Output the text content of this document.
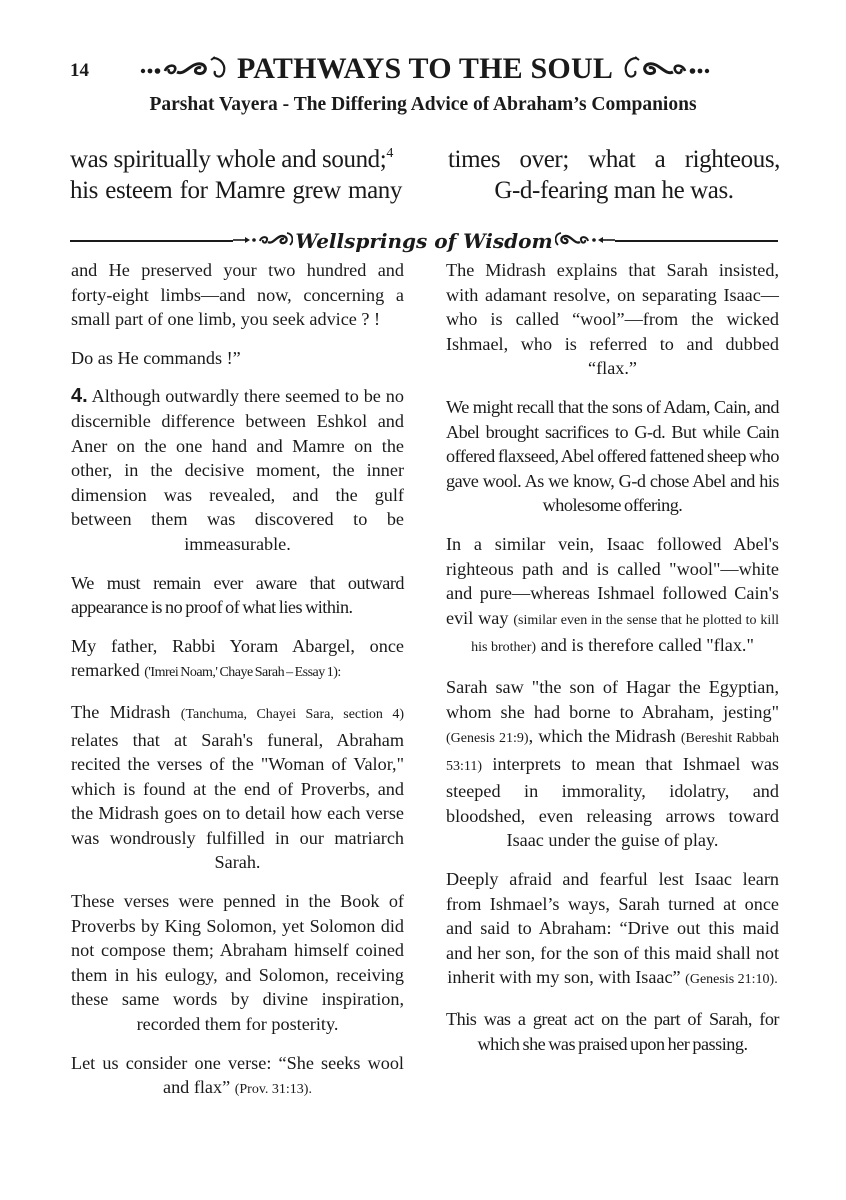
14	PATHWAYS TO THE SOUL
Parshat Vayera - The Differing Advice of Abraham’s Companions
was spiritually whole and sound;$^4$
his esteem for Mamre grew many
times over; what a righteous,
G-d-fearing man he was.
Wellsprings of Wisdom

and He preserved your two hundred and forty-eight limbs—and now, concerning a small part of one limb, you seek advice ? !

Do as He commands !”

4. Although outwardly there seemed to be no discernible difference between Eshkol and Aner on the one hand and Mamre on the other, in the decisive moment, the inner dimension was revealed, and the gulf between them was discovered to be immeasurable.

We must remain ever aware that outward appearance is no proof of what lies within.

My father, Rabbi Yoram Abargel, once remarked ('Imrei Noam,' Chaye Sarah – Essay 1):

The Midrash (Tanchuma, Chayei Sara, section 4) relates that at Sarah's funeral, Abraham recited the verses of the "Woman of Valor," which is found at the end of Proverbs, and the Midrash goes on to detail how each verse was wondrously fulfilled in our matriarch Sarah.

These verses were penned in the Book of Proverbs by King Solomon, yet Solomon did not compose them; Abraham himself coined them in his eulogy, and Solomon, receiving these same words by divine inspiration, recorded them for posterity.

Let us consider one verse: “She seeks wool and flax” (Prov. 31:13).

The Midrash explains that Sarah insisted, with adamant resolve, on separating Isaac—who is called “wool”—from the wicked Ishmael, who is referred to and dubbed “flax.”

We might recall that the sons of Adam, Cain, and Abel brought sacrifices to G-d. But while Cain offered flaxseed, Abel offered fattened sheep who gave wool. As we know, G-d chose Abel and his wholesome offering.

In a similar vein, Isaac followed Abel's righteous path and is called "wool"—white and pure—whereas Ishmael followed Cain's evil way (similar even in the sense that he plotted to kill his brother) and is therefore called "flax."

Sarah saw "the son of Hagar the Egyptian, whom she had borne to Abraham, jesting" (Genesis 21:9), which the Midrash (Bereshit Rabbah 53:11) interprets to mean that Ishmael was steeped in immorality, idolatry, and bloodshed, even releasing arrows toward Isaac under the guise of play.

Deeply afraid and fearful lest Isaac learn from Ishmael’s ways, Sarah turned at once and said to Abraham: “Drive out this maid and her son, for the son of this maid shall not inherit with my son, with Isaac” (Genesis 21:10).

This was a great act on the part of Sarah, for which she was praised upon her passing.
